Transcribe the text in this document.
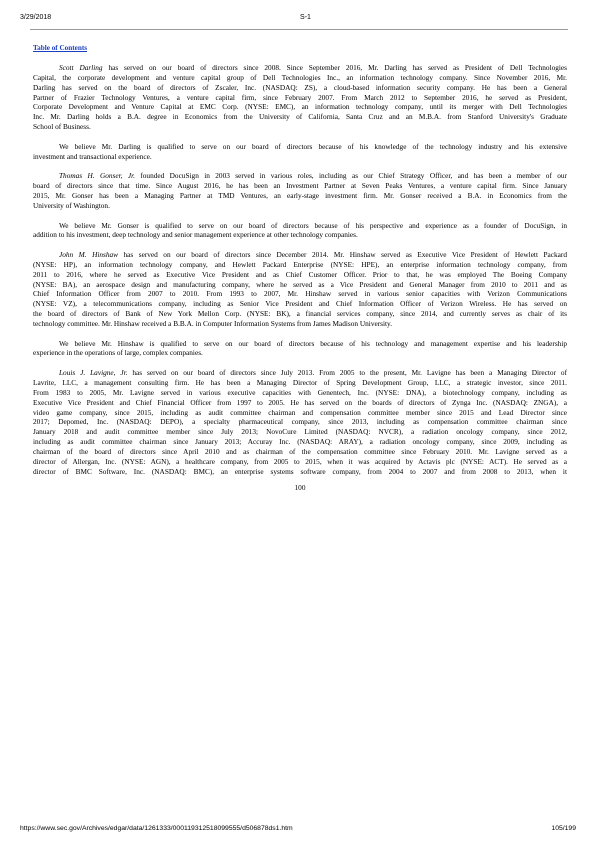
3/29/2018	S-1
Table of Contents
Scott Darling has served on our board of directors since 2008. Since September 2016, Mr. Darling has served as President of Dell Technologies
Capital, the corporate development and venture capital group of Dell Technologies Inc., an information technology company. Since November 2016, Mr.
Darling has served on the board of directors of Zscaler, Inc. (NASDAQ: ZS), a cloud-based information security company. He has been a General
Partner of Frazier Technology Ventures, a venture capital firm, since February 2007. From March 2012 to September 2016, he served as President,
Corporate Development and Venture Capital at EMC Corp. (NYSE: EMC), an information technology company, until its merger with Dell Technologies
Inc. Mr. Darling holds a B.A. degree in Economics from the University of California, Santa Cruz and an M.B.A. from Stanford University's Graduate
School of Business.
We believe Mr. Darling is qualified to serve on our board of directors because of his knowledge of the technology industry and his extensive
investment and transactional experience.
Thomas H. Gonser, Jr. founded DocuSign in 2003 served in various roles, including as our Chief Strategy Officer, and has been a member of our
board of directors since that time. Since August 2016, he has been an Investment Partner at Seven Peaks Ventures, a venture capital firm. Since January
2015, Mr. Gonser has been a Managing Partner at TMD Ventures, an early-stage investment firm. Mr. Gonser received a B.A. in Economics from the
University of Washington.
We believe Mr. Gonser is qualified to serve on our board of directors because of his perspective and experience as a founder of DocuSign, in
addition to his investment, deep technology and senior management experience at other technology companies.
John M. Hinshaw has served on our board of directors since December 2014. Mr. Hinshaw served as Executive Vice President of Hewlett Packard
(NYSE: HP), an information technology company, and Hewlett Packard Enterprise (NYSE: HPE), an enterprise information technology company, from
2011 to 2016, where he served as Executive Vice President and as Chief Customer Officer. Prior to that, he was employed The Boeing Company
(NYSE: BA), an aerospace design and manufacturing company, where he served as a Vice President and General Manager from 2010 to 2011 and as
Chief Information Officer from 2007 to 2010. From 1993 to 2007, Mr. Hinshaw served in various senior capacities with Verizon Communications
(NYSE: VZ), a telecommunications company, including as Senior Vice President and Chief Information Officer of Verizon Wireless. He has served on
the board of directors of Bank of New York Mellon Corp. (NYSE: BK), a financial services company, since 2014, and currently serves as chair of its
technology committee. Mr. Hinshaw received a B.B.A. in Computer Information Systems from James Madison University.
We believe Mr. Hinshaw is qualified to serve on our board of directors because of his technology and management expertise and his leadership
experience in the operations of large, complex companies.
Louis J. Lavigne, Jr. has served on our board of directors since July 2013. From 2005 to the present, Mr. Lavigne has been a Managing Director of
Lavrite, LLC, a management consulting firm. He has been a Managing Director of Spring Development Group, LLC, a strategic investor, since 2011.
From 1983 to 2005, Mr. Lavigne served in various executive capacities with Genentech, Inc. (NYSE: DNA), a biotechnology company, including as
Executive Vice President and Chief Financial Officer from 1997 to 2005. He has served on the boards of directors of Zynga Inc. (NASDAQ: ZNGA), a
video game company, since 2015, including as audit committee chairman and compensation committee member since 2015 and Lead Director since
2017; Depomed, Inc. (NASDAQ: DEPO), a specialty pharmaceutical company, since 2013, including as compensation committee chairman since
January 2018 and audit committee member since July 2013; NovoCure Limited (NASDAQ: NVCR), a radiation oncology company, since 2012,
including as audit committee chairman since January 2013; Accuray Inc. (NASDAQ: ARAY), a radiation oncology company, since 2009, including as
chairman of the board of directors since April 2010 and as chairman of the compensation committee since February 2010. Mr. Lavigne served as a
director of Allergan, Inc. (NYSE: AGN), a healthcare company, from 2005 to 2015, when it was acquired by Actavis plc (NYSE: ACT). He served as a
director of BMC Software, Inc. (NASDAQ: BMC), an enterprise systems software company, from 2004 to 2007 and from 2008 to 2013, when it
100
https://www.sec.gov/Archives/edgar/data/1261333/000119312518099555/d506878ds1.htm	105/199
